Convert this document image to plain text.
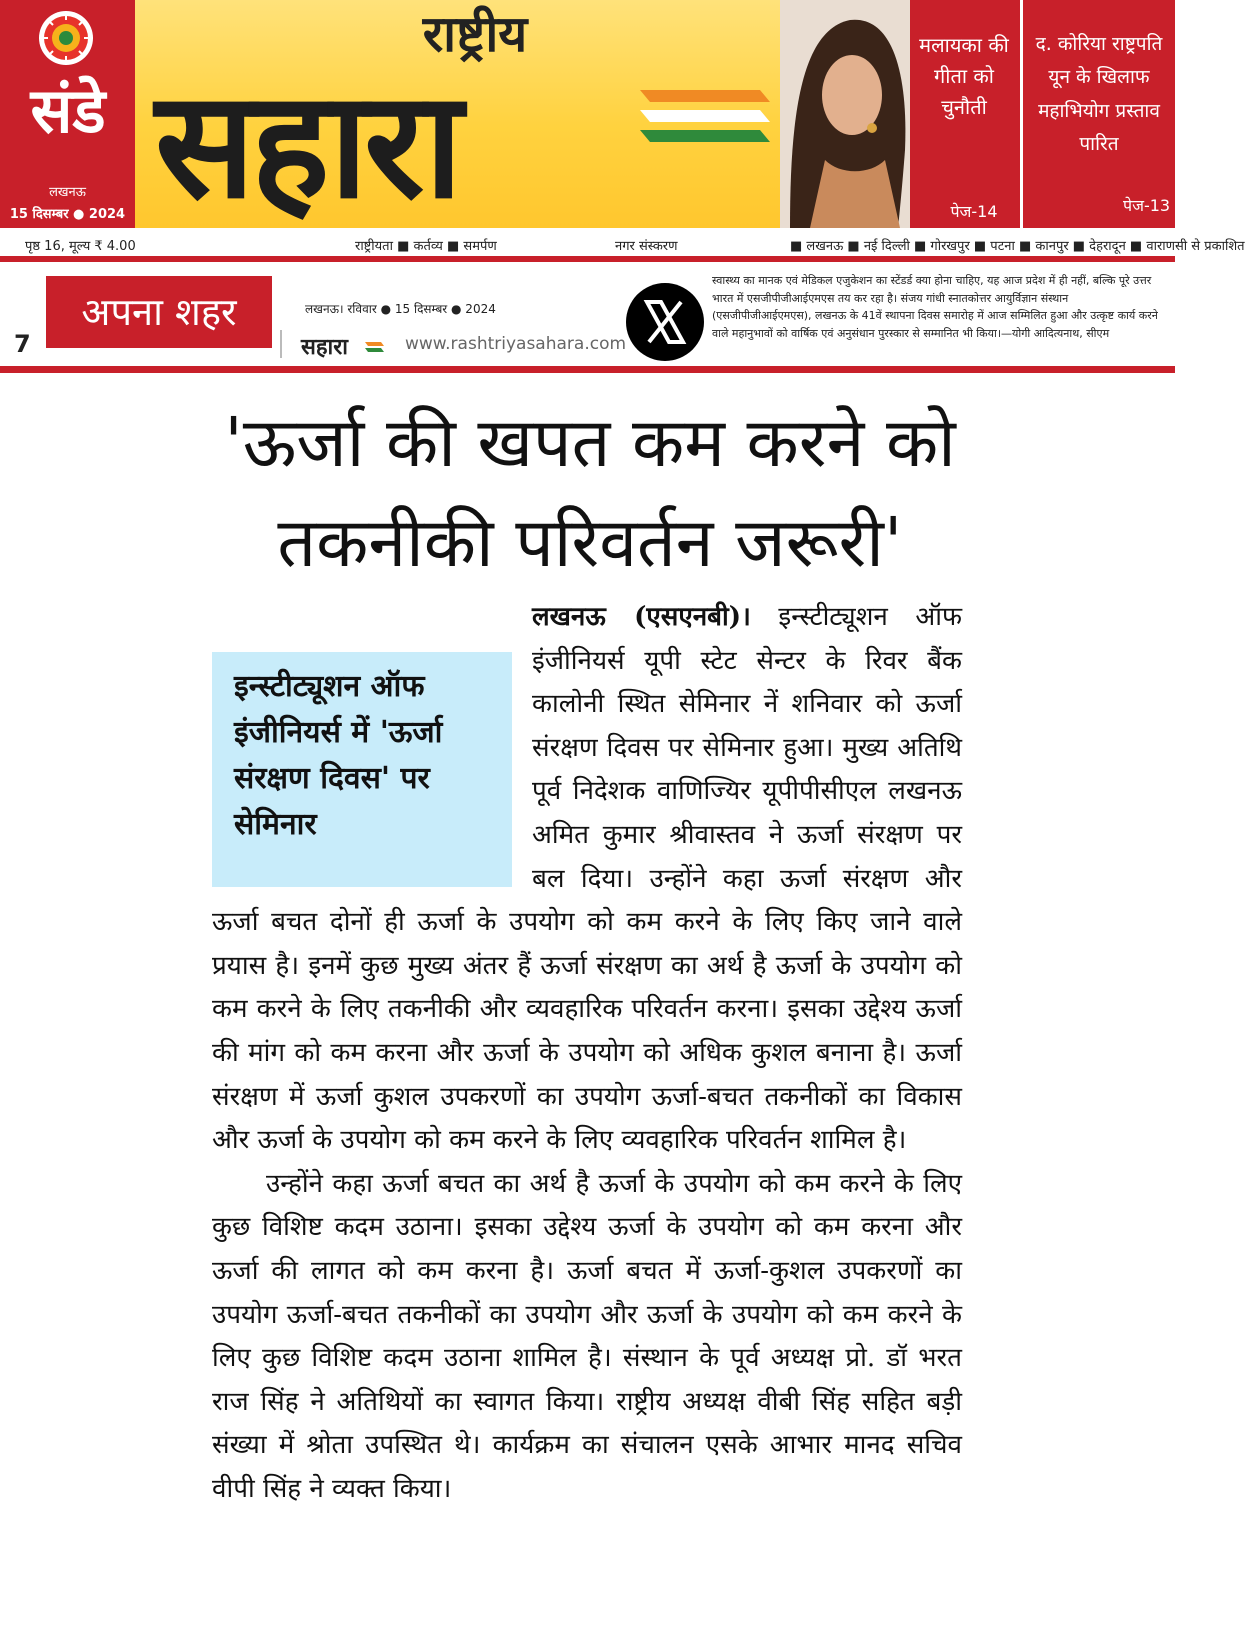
संडे
लखनऊ
15 दिसम्बर ● 2024
राष्ट्रीय
सहारा
मलायका की गीता को चुनौती
पेज-14
द. कोरिया राष्ट्रपति यून के खिलाफ महाभियोग प्रस्ताव पारित
पेज-13
पृष्ठ 16, मूल्य ₹ 4.00	राष्ट्रीयता ■ कर्तव्य ■ समर्पण	नगर संस्करण	■ लखनऊ ■ नई दिल्ली ■ गोरखपुर ■ पटना ■ कानपुर ■ देहरादून ■ वाराणसी से प्रकाशित
7
अपना शहर	लखनऊ। रविवार ● 15 दिसम्बर ● 2024
सहारा	www.rashtriyasahara.com
स्वास्थ्य का मानक एवं मेडिकल एजुकेशन का स्टेंडर्ड क्या होना चाहिए, यह आज प्रदेश में ही नहीं, बल्कि पूरे उत्तर भारत में एसजीपीजीआईएमएस तय कर रहा है। संजय गांधी स्नातकोत्तर आयुर्विज्ञान संस्थान (एसजीपीजीआईएमएस), लखनऊ के 41वें स्थापना दिवस समारोह में आज सम्मिलित हुआ और उत्कृष्ट कार्य करने वाले महानुभावों को वार्षिक एवं अनुसंधान पुरस्कार से सम्मानित भी किया।—योगी आदित्यनाथ, सीएम
'ऊर्जा की खपत कम करने को तकनीकी परिवर्तन जरूरी'
इन्स्टीट्यूशन ऑफ इंजीनियर्स में 'ऊर्जा संरक्षण दिवस' पर सेमिनार

लखनऊ (एसएनबी)। इन्स्टीट्यूशन ऑफ इंजीनियर्स यूपी स्टेट सेन्टर के रिवर बैंक कालोनी स्थित सेमिनार नें शनिवार को ऊर्जा संरक्षण दिवस पर सेमिनार हुआ। मुख्य अतिथि पूर्व निदेशक वाणिज्यिर यूपीपीसीएल लखनऊ अमित कुमार श्रीवास्तव ने ऊर्जा संरक्षण पर बल दिया। उन्होंने कहा ऊर्जा संरक्षण और ऊर्जा बचत दोनों ही ऊर्जा के उपयोग को कम करने के लिए किए जाने वाले प्रयास है। इनमें कुछ मुख्य अंतर हैं ऊर्जा संरक्षण का अर्थ है ऊर्जा के उपयोग को कम करने के लिए तकनीकी और व्यवहारिक परिवर्तन करना। इसका उद्देश्य ऊर्जा की मांग को कम करना और ऊर्जा के उपयोग को अधिक कुशल बनाना है। ऊर्जा संरक्षण में ऊर्जा कुशल उपकरणों का उपयोग ऊर्जा-बचत तकनीकों का विकास और ऊर्जा के उपयोग को कम करने के लिए व्यवहारिक परिवर्तन शामिल है।

उन्होंने कहा ऊर्जा बचत का अर्थ है ऊर्जा के उपयोग को कम करने के लिए कुछ विशिष्ट कदम उठाना। इसका उद्देश्य ऊर्जा के उपयोग को कम करना और ऊर्जा की लागत को कम करना है। ऊर्जा बचत में ऊर्जा-कुशल उपकरणों का उपयोग ऊर्जा-बचत तकनीकों का उपयोग और ऊर्जा के उपयोग को कम करने के लिए कुछ विशिष्ट कदम उठाना शामिल है। संस्थान के पूर्व अध्यक्ष प्रो. डॉ भरत राज सिंह ने अतिथियों का स्वागत किया। राष्ट्रीय अध्यक्ष वीबी सिंह सहित बड़ी संख्या में श्रोता उपस्थित थे। कार्यक्रम का संचालन एसके आभार मानद सचिव वीपी सिंह ने व्यक्त किया।
